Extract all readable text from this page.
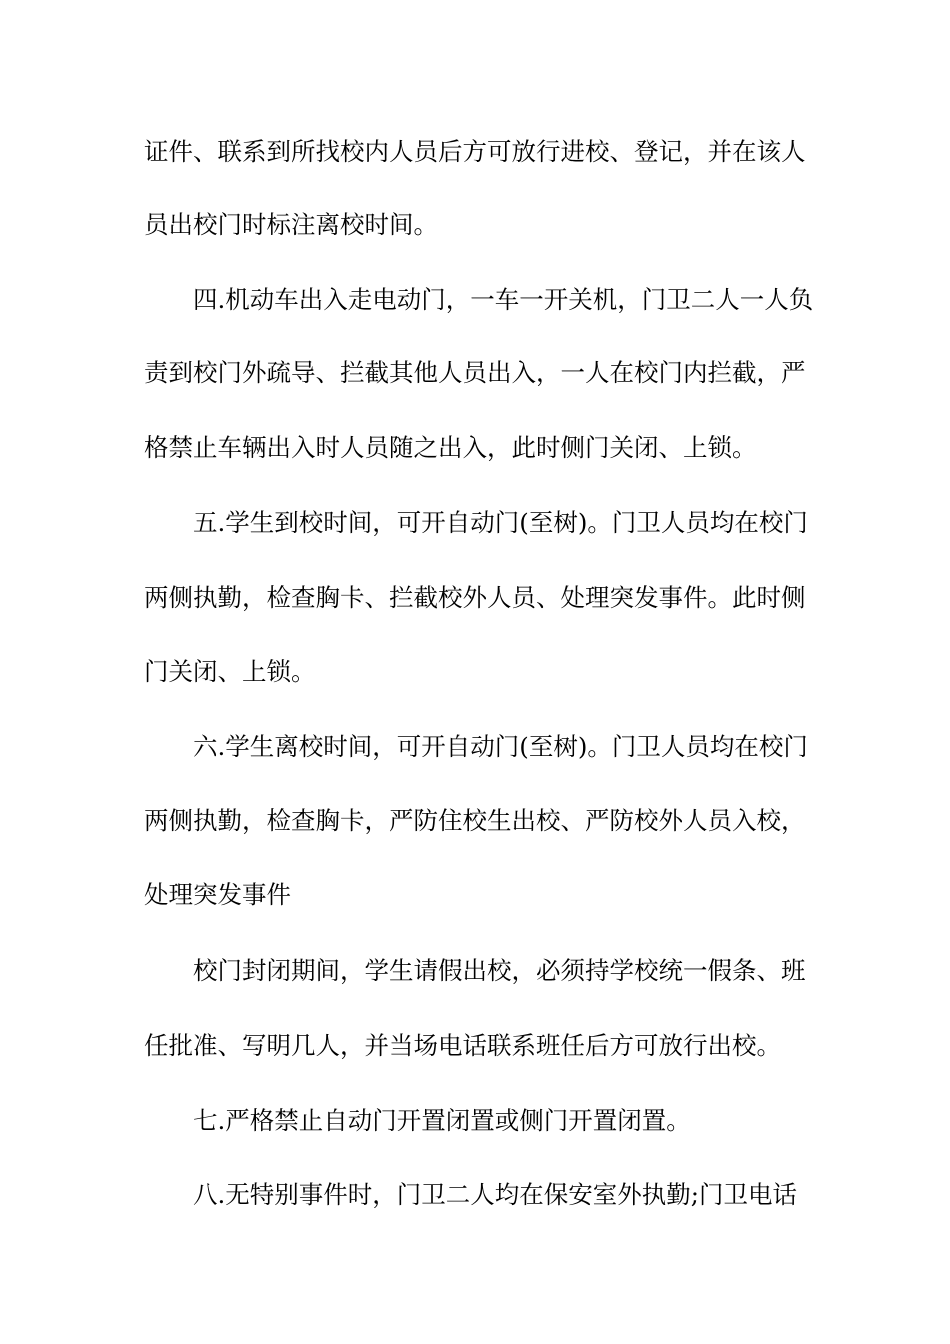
证件、联系到所找校内人员后方可放行进校、登记，并在该人
员出校门时标注离校时间。
四.机动车出入走电动门，一车一开关机，门卫二人一人负
责到校门外疏导、拦截其他人员出入，一人在校门内拦截，严
格禁止车辆出入时人员随之出入，此时侧门关闭、上锁。
五.学生到校时间，可开自动门(至树)。门卫人员均在校门
两侧执勤，检查胸卡、拦截校外人员、处理突发事件。此时侧
门关闭、上锁。
六.学生离校时间，可开自动门(至树)。门卫人员均在校门
两侧执勤，检查胸卡，严防住校生出校、严防校外人员入校，
处理突发事件
校门封闭期间，学生请假出校，必须持学校统一假条、班
任批准、写明几人，并当场电话联系班任后方可放行出校。
七.严格禁止自动门开置闭置或侧门开置闭置。
八.无特别事件时，门卫二人均在保安室外执勤;门卫电话
